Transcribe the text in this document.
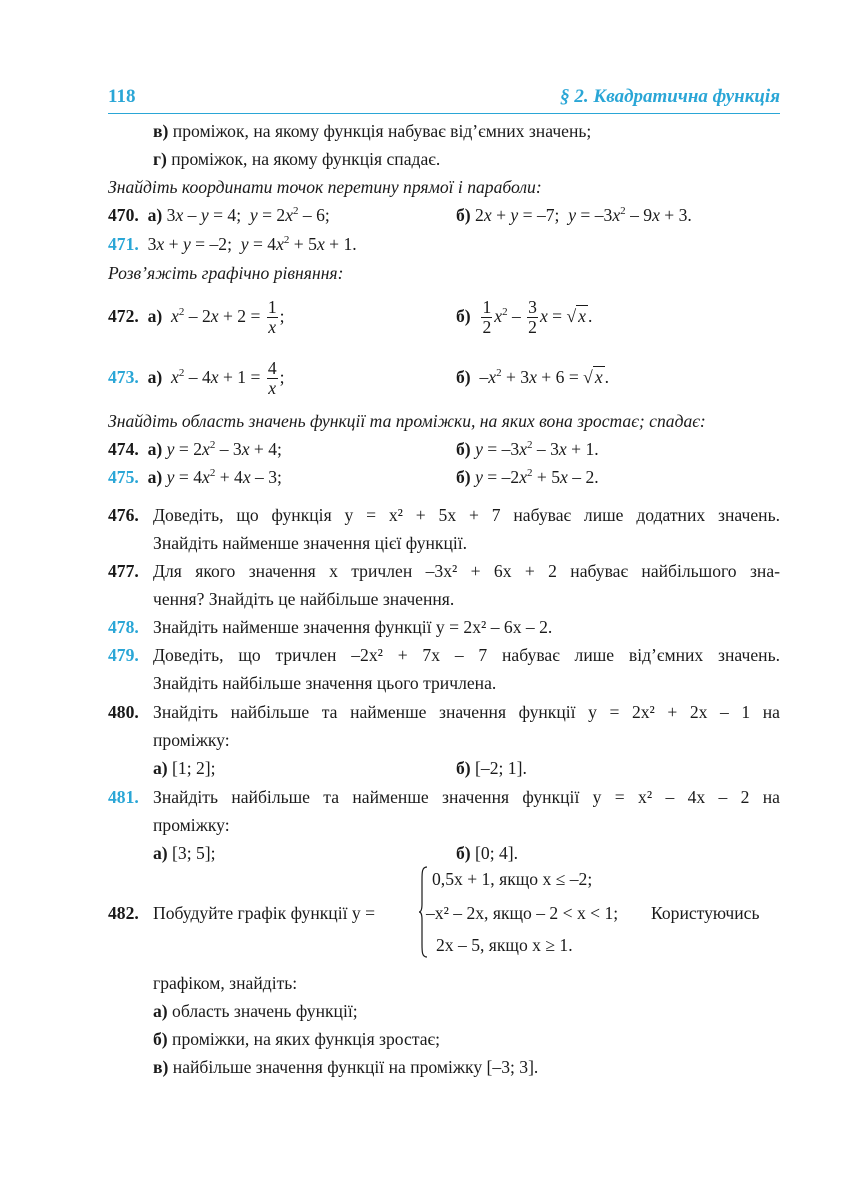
118	§ 2. Квадратична функція
в) проміжок, на якому функція набуває від’ємних значень;
г) проміжок, на якому функція спадає.
Знайдіть координати точок перетину прямої і параболи:
470. а) 3x – y = 4;  $y = 2x^2 - 6$;	б) 2x + y = –7;  $y = -3x^2 - 9x + 3$.
471.  3x + y = –2;  $y = 4x^2 + 5x + 1$.
Розв’яжіть графічно рівняння:
472. а) $x^2 - 2x + 2 = \frac{1}{x}$ ;	$б) \frac{1}{2} x^2 - \frac{3}{2}$ x = √ x .
473. а) $x^2 - 4x + 1 = \frac{4}{x}$ ;	б)  $-x^2 + 3x + 6$ = √ x .
Знайдіть область значень функції та проміжки, на яких вона зростає; спадає:
474. а) $y = 2x^2 - 3x + 4$;	б) $y = -3x^2 - 3x + 1$.
475. а) $y = 4x^2 + 4x - 3$;	б) $y = -2x^2 + 5x - 2$.
476. Доведіть, що функція y = x² + 5x + 7 набуває лише додатних значень.
Знайдіть найменше значення цієї функції.
477. Для якого значення x тричлен –3x² + 6x + 2 набуває найбільшого зна-
чення? Знайдіть це найбільше значення.
478. Знайдіть найменше значення функції y = 2x² – 6x – 2.
479. Доведіть, що тричлен –2x² + 7x – 7 набуває лише від’ємних значень.
Знайдіть найбільше значення цього тричлена.
480. Знайдіть найбільше та найменше значення функції y = 2x² + 2x – 1 на
проміжку:
а) [1; 2];	б) [–2; 1].
481. Знайдіть найбільше та найменше значення функції y = x² – 4x – 2 на
проміжку:
а) [3; 5];	б) [0; 4].
482. Побудуйте графік функції y =
0,5x + 1, якщо x ≤ –2;
–x² – 2x, якщо – 2 < x < 1;
2x – 5, якщо x ≥ 1.
Користуючись
графіком, знайдіть:
а) область значень функції;
б) проміжки, на яких функція зростає;
в) найбільше значення функції на проміжку [–3; 3].
